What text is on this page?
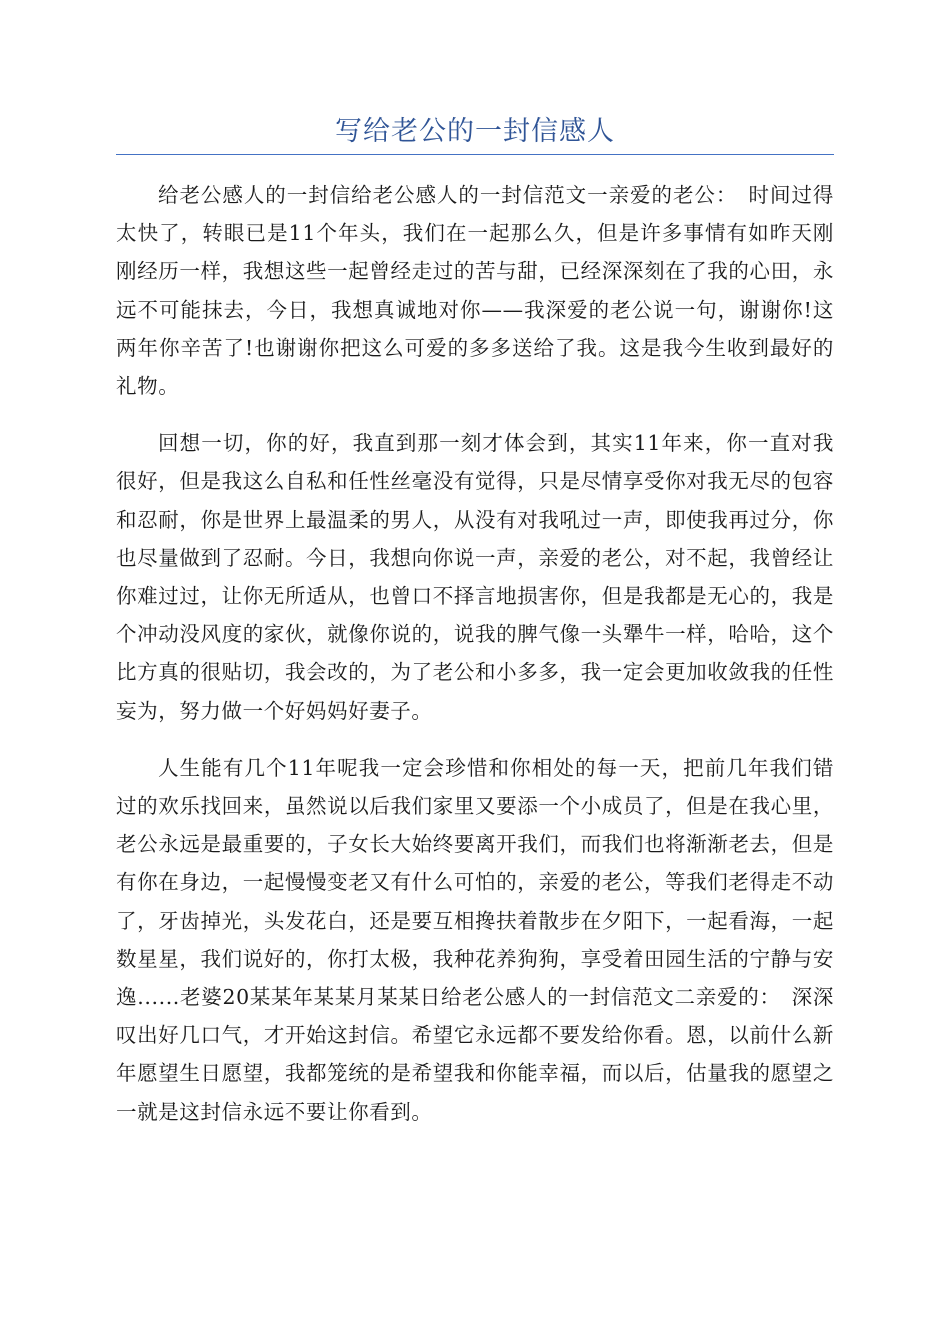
写给老公的一封信感人

给老公感人的一封信给老公感人的一封信范文一亲爱的老公：　时间过得太快了，转眼已是11个年头，我们在一起那么久，但是许多事情有如昨天刚刚经历一样，我想这些一起曾经走过的苦与甜，已经深深刻在了我的心田，永远不可能抹去，今日，我想真诚地对你——我深爱的老公说一句，谢谢你!这两年你辛苦了!也谢谢你把这么可爱的多多送给了我。这是我今生收到最好的礼物。

回想一切，你的好，我直到那一刻才体会到，其实11年来，你一直对我很好，但是我这么自私和任性丝毫没有觉得，只是尽情享受你对我无尽的包容和忍耐，你是世界上最温柔的男人，从没有对我吼过一声，即使我再过分，你也尽量做到了忍耐。今日，我想向你说一声，亲爱的老公，对不起，我曾经让你难过过，让你无所适从，也曾口不择言地损害你，但是我都是无心的，我是个冲动没风度的家伙，就像你说的，说我的脾气像一头犟牛一样，哈哈，这个比方真的很贴切，我会改的，为了老公和小多多，我一定会更加收敛我的任性妄为，努力做一个好妈妈好妻子。

人生能有几个11年呢我一定会珍惜和你相处的每一天，把前几年我们错过的欢乐找回来，虽然说以后我们家里又要添一个小成员了，但是在我心里，老公永远是最重要的，子女长大始终要离开我们，而我们也将渐渐老去，但是有你在身边，一起慢慢变老又有什么可怕的，亲爱的老公，等我们老得走不动了，牙齿掉光，头发花白，还是要互相搀扶着散步在夕阳下，一起看海，一起数星星，我们说好的，你打太极，我种花养狗狗，享受着田园生活的宁静与安逸......老婆20某某年某某月某某日给老公感人的一封信范文二亲爱的：　深深叹出好几口气，才开始这封信。希望它永远都不要发给你看。恩，以前什么新年愿望生日愿望，我都笼统的是希望我和你能幸福，而以后，估量我的愿望之一就是这封信永远不要让你看到。
